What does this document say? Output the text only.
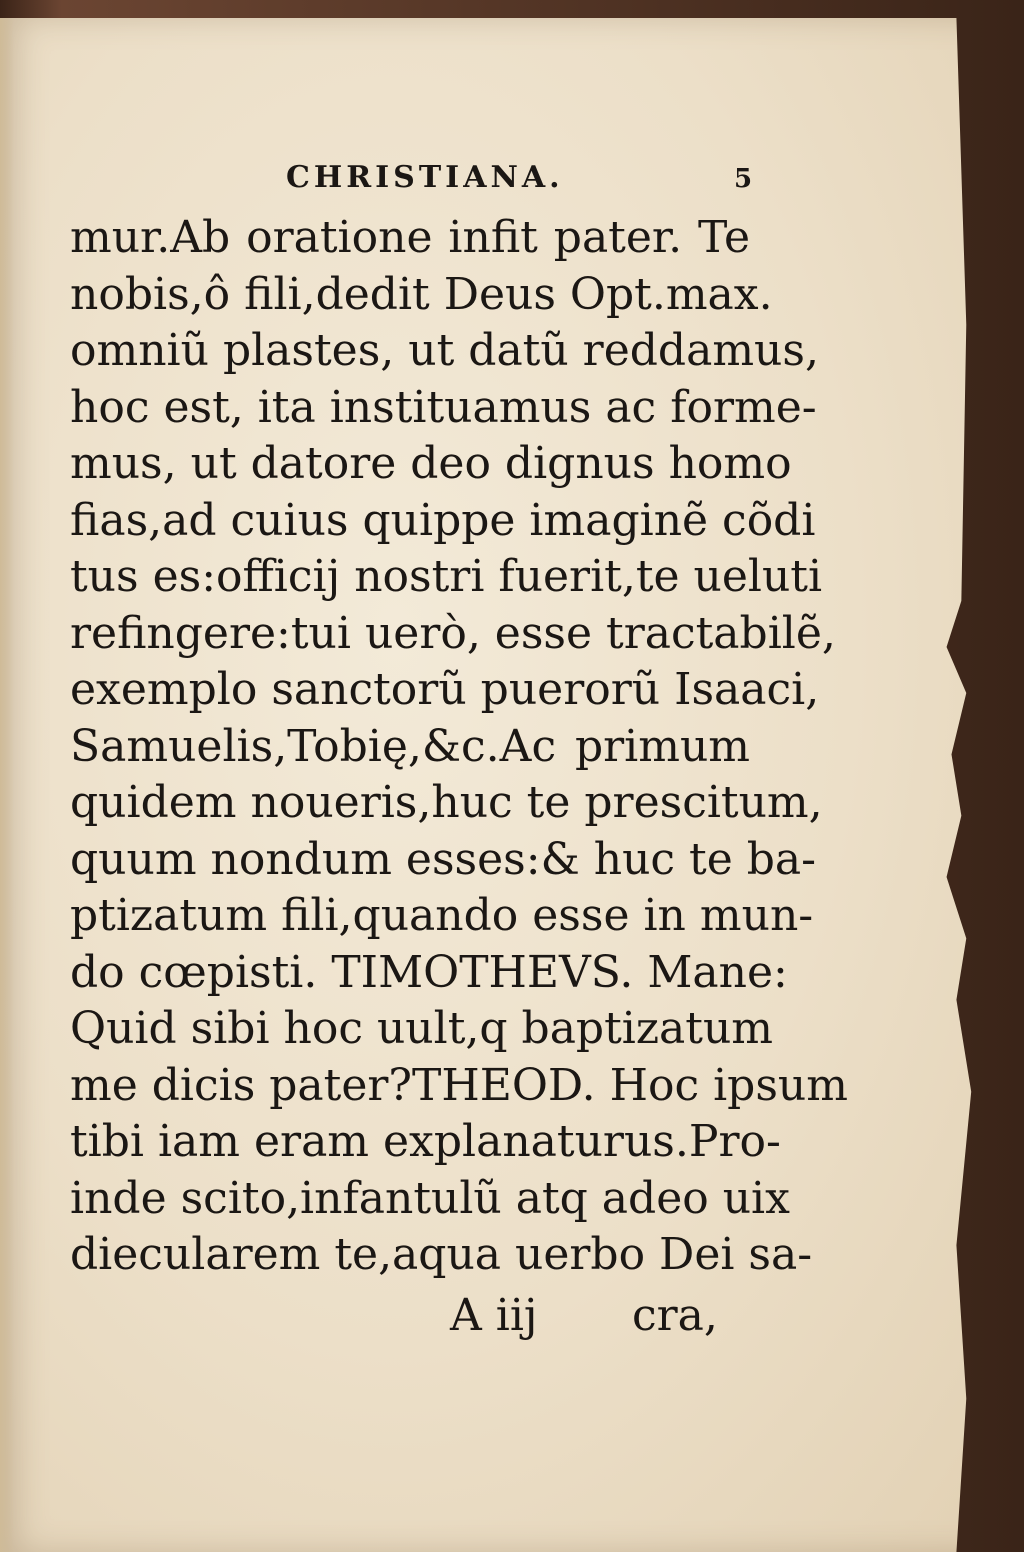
CHRISTIANA.	5
mur.Ab oratione infit pater. Te
nobis,ô fili,dedit Deus Opt.max.
omniũ plastes, ut datũ reddamus,
hoc est, ita instituamus ac forme-
mus, ut datore deo dignus homo
fias,ad cuius quippe imaginẽ cõdi
tus es:officij nostri fuerit,te ueluti
refingere:tui uerò, esse tractabilẽ,
exemplo sanctorũ puerorũ Isaaci,
Samuelis,Tobię,&c.Ac primum
quidem noueris,huc te prescitum,
quum nondum esses:& huc te ba-
ptizatum fili,quando esse in mun-
do cœpisti. TIMOTHEVS. Mane:
Quid sibi hoc uult,q baptizatum
me dicis pater?THEOD. Hoc ipsum
tibi iam eram explanaturus.Pro-
inde scito,infantulũ atq adeo uix
diecularem te,aqua uerbo Dei sa-
A iij cra,
